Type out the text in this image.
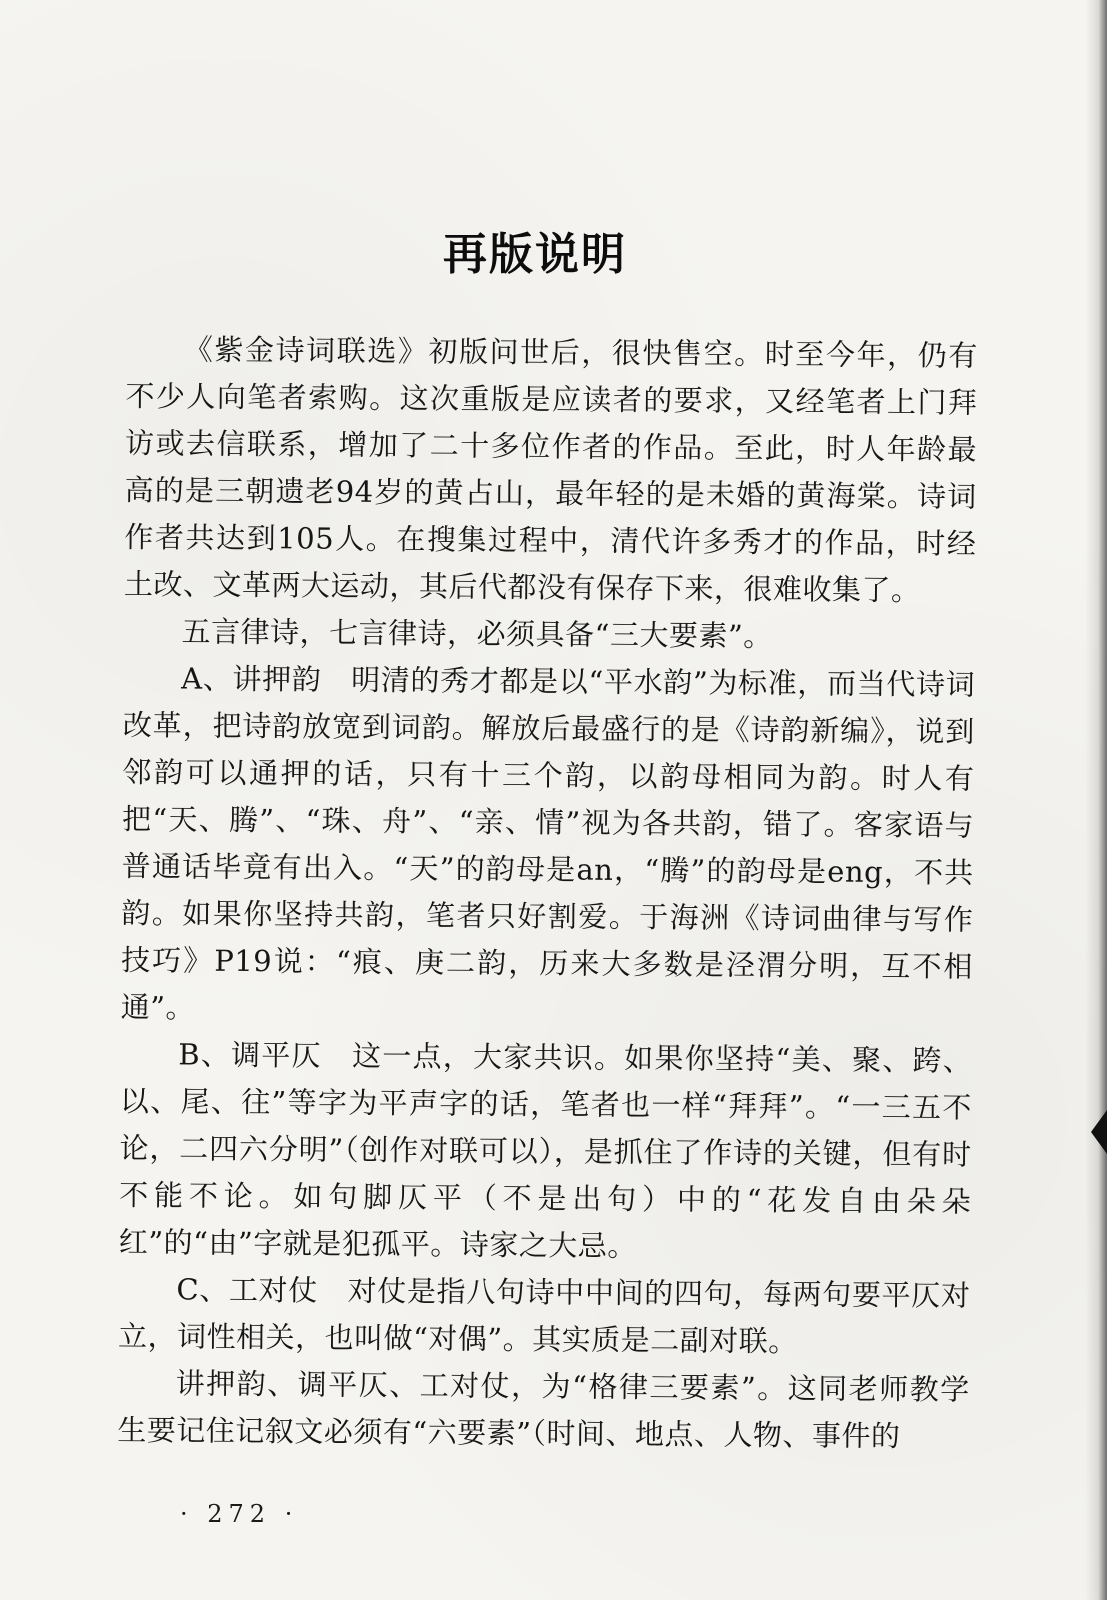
再版说明

《紫金诗词联选》初版问世后，很快售空。时至今年，仍有不少人向笔者索购。这次重版是应读者的要求，又经笔者上门拜访或去信联系，增加了二十多位作者的作品。至此，时人年龄最高的是三朝遗老94岁的黄占山，最年轻的是未婚的黄海棠。诗词作者共达到105人。在搜集过程中，清代许多秀才的作品，时经土改、文革两大运动，其后代都没有保存下来，很难收集了。

五言律诗，七言律诗，必须具备“三大要素”。

A、讲押韵　明清的秀才都是以“平水韵”为标准，而当代诗词改革，把诗韵放宽到词韵。解放后最盛行的是《诗韵新编》，说到邻韵可以通押的话，只有十三个韵，以韵母相同为韵。时人有把“天、腾”、“珠、舟”、“亲、情”视为各共韵，错了。客家语与普通话毕竟有出入。“天”的韵母是an，“腾”的韵母是eng，不共韵。如果你坚持共韵，笔者只好割爱。于海洲《诗词曲律与写作技巧》P19说：“痕、庚二韵，历来大多数是泾渭分明，互不相通”。

B、调平仄　这一点，大家共识。如果你坚持“美、聚、跨、以、尾、往”等字为平声字的话，笔者也一样“拜拜”。“一三五不论，二四六分明”（创作对联可以），是抓住了作诗的关键，但有时不能不论。如句脚仄平（不是出句）中的“花发自由朵朵红”的“由”字就是犯孤平。诗家之大忌。

C、工对仗　对仗是指八句诗中中间的四句，每两句要平仄对立，词性相关，也叫做“对偶”。其实质是二副对联。

讲押韵、调平仄、工对仗，为“格律三要素”。这同老师教学生要记住记叙文必须有“六要素”（时间、地点、人物、事件的

· 272 ·
